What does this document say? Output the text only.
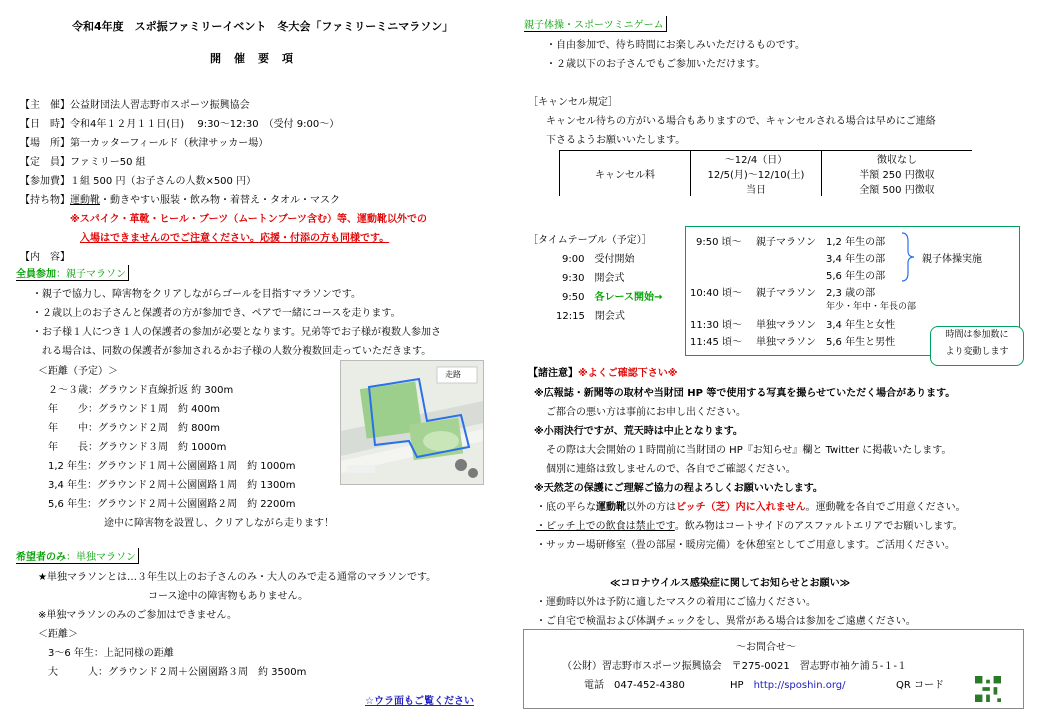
令和4年度　スポ振ファミリーイベント　冬大会「ファミリーミニマラソン」
開　催　要　項
【主　催】公益財団法人習志野市スポーツ振興協会
【日　時】令和4年１２月１１日(日)　 9:30～12:30　（受付 9:00～）
【場　所】第一カッターフィールド（秋津サッカー場）
【定　員】ファミリー50 組
【参加費】１組 500 円（お子さんの人数×500 円）
【持ち物】運動靴・動きやすい服装・飲み物・着替え・タオル・マスク
※スパイク・革靴・ヒール・ブーツ（ムートンブーツ含む）等、運動靴以外での
入場はできませんのでご注意ください。応援・付添の方も同様です。
【内　容】
全員参加：親子マラソン
・親子で協力し、障害物をクリアしながらゴールを目指すマラソンです。
・２歳以上のお子さんと保護者の方が参加でき、ペアで一緒にコースを走ります。
・お子様１人につき１人の保護者の参加が必要となります。兄弟等でお子様が複数人参加さ
　れる場合は、同数の保護者が参加されるかお子様の人数分複数回走っていただきます。
＜距離（予定）＞
２～３歳：グラウンド直線折返 約 300m
年　　少：グラウンド１周　約 400m
年　　中：グラウンド２周　約 800m
年　　長：グラウンド３周　約 1000m
1,2 年生：グラウンド１周＋公園園路１周　約 1000m
3,4 年生：グラウンド２周＋公園園路１周　約 1300m
5,6 年生：グラウンド２周＋公園園路２周　約 2200m
途中に障害物を設置し、クリアしながら走ります！
走路
希望者のみ：単独マラソン
★単独マラソンとは…３年生以上のお子さんのみ・大人のみで走る通常のマラソンです。
コース途中の障害物もありません。
※単独マラソンのみのご参加はできません。
＜距離＞
3～6 年生：上記同様の距離
大　　　人：グラウンド２周＋公園園路３周　約 3500m
☆ウラ面もご覧ください
親子体操・スポーツミニゲーム
・自由参加で、待ち時間にお楽しみいただけるものです。
・２歳以下のお子さんでもご参加いただけます。
［キャンセル規定］
キャンセル待ちの方がいる場合もありますので、キャンセルされる場合は早めにご連絡
下さるようお願いいたします。
キャンセル料	～12/4（日）	徴収なし
	12/5(月)～12/10(土)	半額 250 円徴収
	当日	全額 500 円徴収
［タイムテーブル（予定）］
9:00　 受付開始
9:30　 開会式
9:50　 各レース開始→
12:15　 閉会式
9:50 頃～ 親子マラソン 1,2 年生の部
3,4 年生の部
5,6 年生の部
10:40 頃～ 親子マラソン 2,3 歳の部
年少・年中・年長の部
11:30 頃～ 単独マラソン 3,4 年生と女性
11:45 頃～ 単独マラソン 5,6 年生と男性
親子体操実施
時間は参加数に
より変動します
【諸注意】※よくご確認下さい※
※広報誌・新聞等の取材や当財団 HP 等で使用する写真を撮らせていただく場合があります。
ご都合の悪い方は事前にお申し出ください。
※小雨決行ですが、荒天時は中止となります。
その際は大会開始の１時間前に当財団の HP『お知らせ』欄と Twitter に掲載いたします。
個別に連絡は致しませんので、各自でご確認ください。
※天然芝の保護にご理解ご協力の程よろしくお願いいたします。
・底の平らな運動靴以外の方はピッチ（芝）内に入れません。運動靴を各自でご用意ください。
・ピッチ上での飲食は禁止です。飲み物はコートサイドのアスファルトエリアでお願いします。
・サッカー場研修室（畳の部屋・暖房完備）を休憩室としてご用意します。ご活用ください。
≪コロナウイルス感染症に関してお知らせとお願い≫
・運動時以外は予防に適したマスクの着用にご協力ください。
・ご自宅で検温および体調チェックをし、異常がある場合は参加をご遠慮ください。
～お問合せ～
（公財）習志野市スポーツ振興協会　〒275-0021　習志野市袖ケ浦５-１-１
電話　 047-452-4380	HP　 http://sposhin.org/	QR コード
